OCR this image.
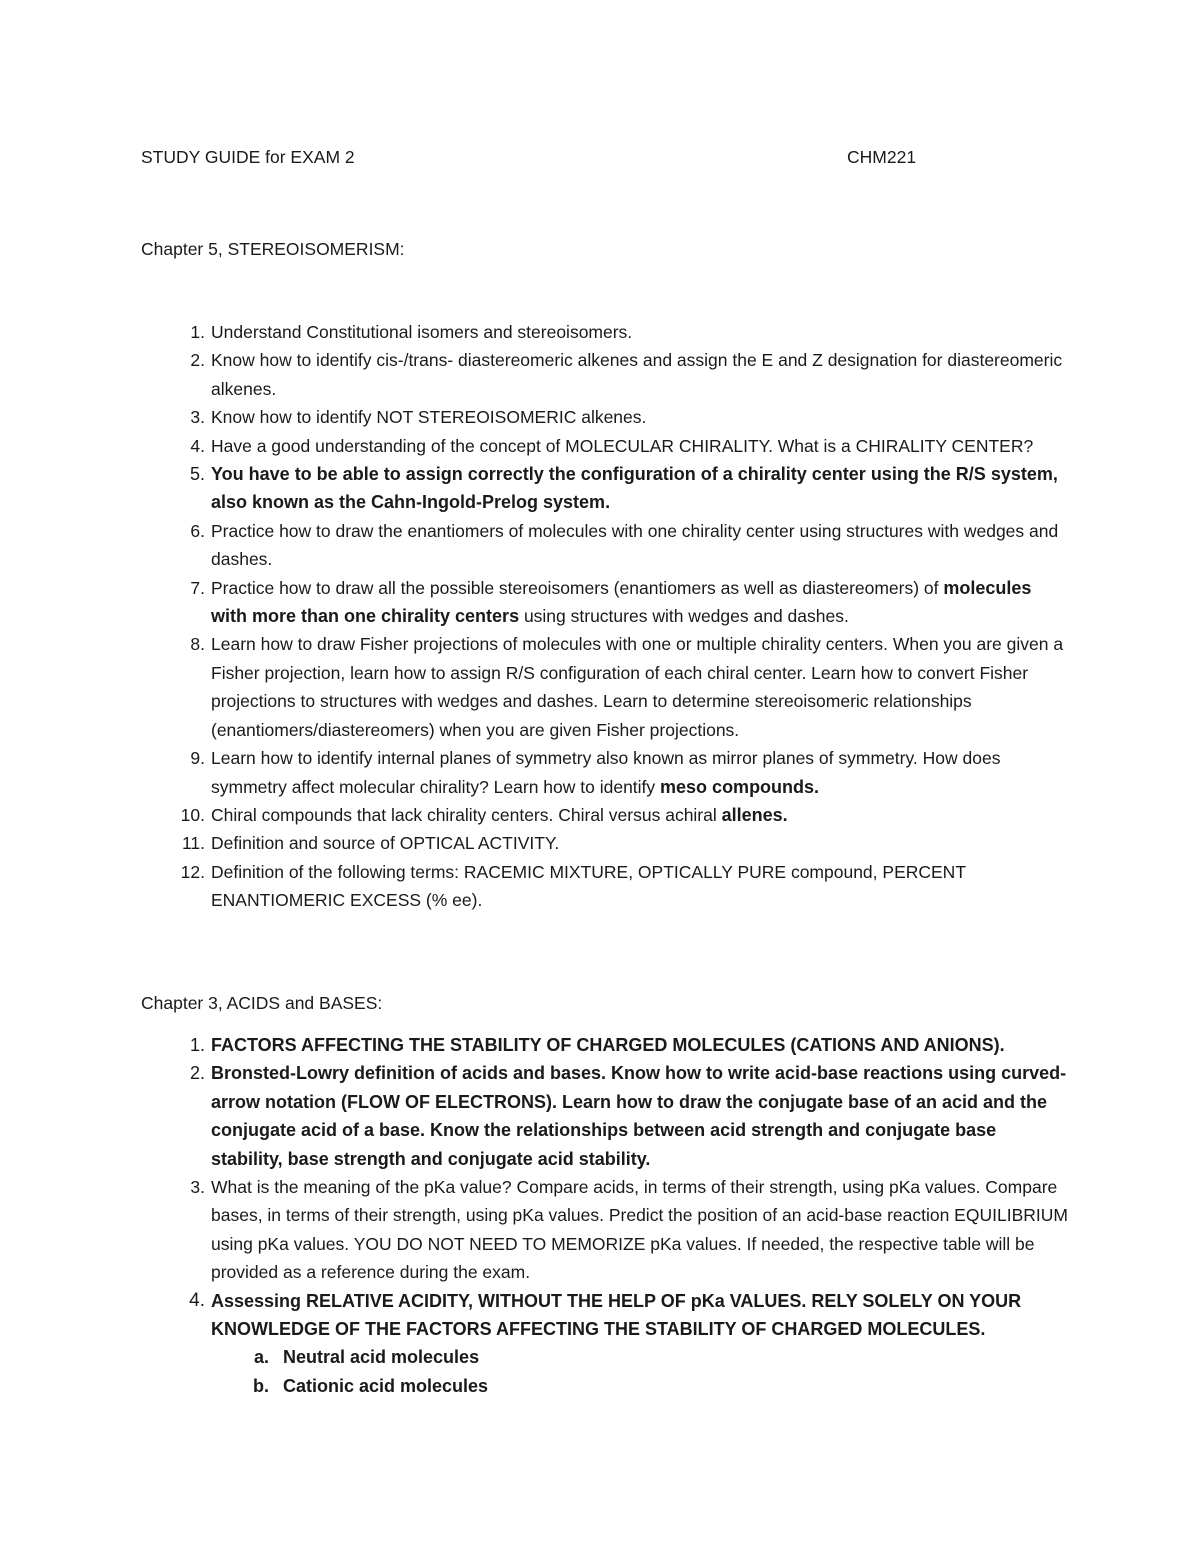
STUDY GUIDE for EXAM 2	CHM221
Chapter 5, STEREOISOMERISM:
1. Understand Constitutional isomers and stereoisomers.
2. Know how to identify cis-/trans- diastereomeric alkenes and assign the E and Z designation for diastereomeric alkenes.
3. Know how to identify NOT STEREOISOMERIC alkenes.
4. Have a good understanding of the concept of MOLECULAR CHIRALITY. What is a CHIRALITY CENTER?
5. You have to be able to assign correctly the configuration of a chirality center using the R/S system, also known as the Cahn-Ingold-Prelog system.
6. Practice how to draw the enantiomers of molecules with one chirality center using structures with wedges and dashes.
7. Practice how to draw all the possible stereoisomers (enantiomers as well as diastereomers) of molecules with more than one chirality centers using structures with wedges and dashes.
8. Learn how to draw Fisher projections of molecules with one or multiple chirality centers. When you are given a Fisher projection, learn how to assign R/S configuration of each chiral center. Learn how to convert Fisher projections to structures with wedges and dashes. Learn to determine stereoisomeric relationships (enantiomers/diastereomers) when you are given Fisher projections.
9. Learn how to identify internal planes of symmetry also known as mirror planes of symmetry. How does symmetry affect molecular chirality? Learn how to identify meso compounds.
10. Chiral compounds that lack chirality centers. Chiral versus achiral allenes.
11. Definition and source of OPTICAL ACTIVITY.
12. Definition of the following terms: RACEMIC MIXTURE, OPTICALLY PURE compound, PERCENT ENANTIOMERIC EXCESS (% ee).
Chapter 3, ACIDS and BASES:
1. FACTORS AFFECTING THE STABILITY OF CHARGED MOLECULES (CATIONS AND ANIONS).
2. Bronsted-Lowry definition of acids and bases. Know how to write acid-base reactions using curved-arrow notation (FLOW OF ELECTRONS). Learn how to draw the conjugate base of an acid and the conjugate acid of a base. Know the relationships between acid strength and conjugate base stability, base strength and conjugate acid stability.
3. What is the meaning of the pKa value? Compare acids, in terms of their strength, using pKa values. Compare bases, in terms of their strength, using pKa values. Predict the position of an acid-base reaction EQUILIBRIUM using pKa values. YOU DO NOT NEED TO MEMORIZE pKa values. If needed, the respective table will be provided as a reference during the exam.
4. Assessing RELATIVE ACIDITY, WITHOUT THE HELP OF pKa VALUES. RELY SOLELY ON YOUR KNOWLEDGE OF THE FACTORS AFFECTING THE STABILITY OF CHARGED MOLECULES.
a. Neutral acid molecules
b. Cationic acid molecules
